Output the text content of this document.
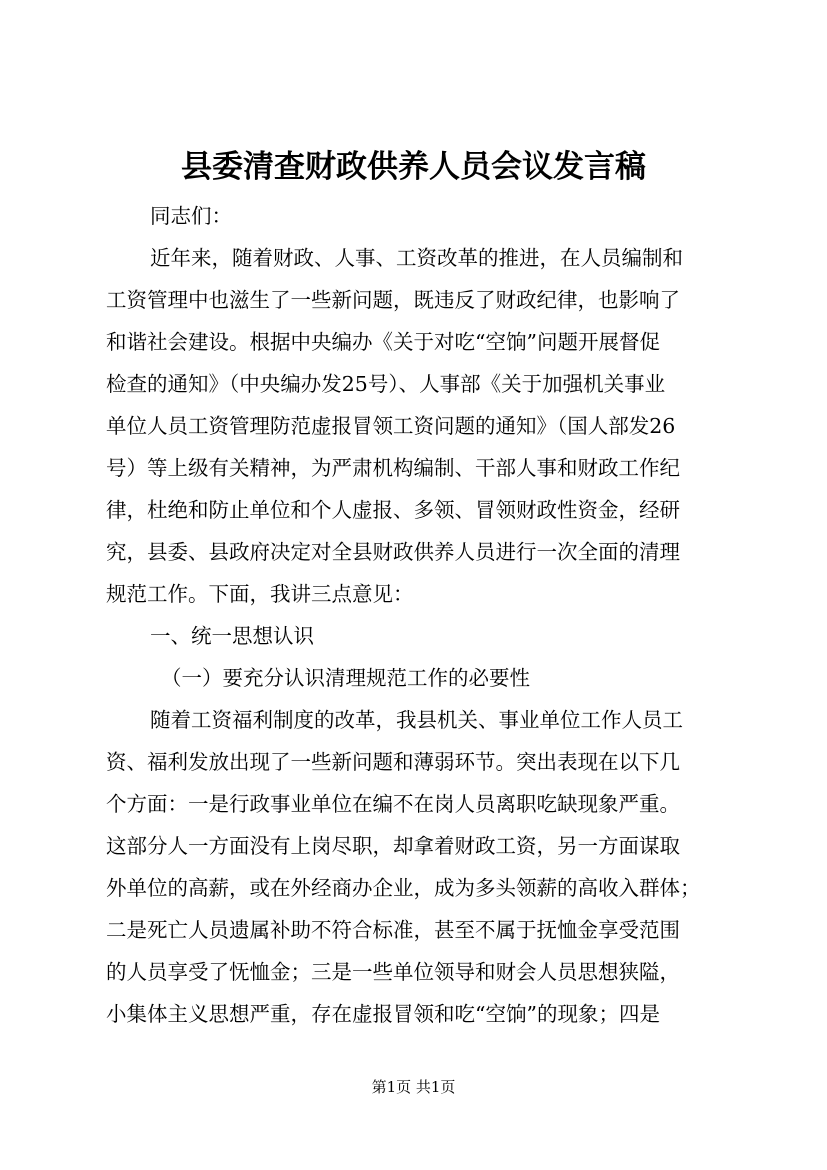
县委清查财政供养人员会议发言稿
同志们：
近年来，随着财政、人事、工资改革的推进，在人员编制和
工资管理中也滋生了一些新问题，既违反了财政纪律，也影响了
和谐社会建设。根据中央编办《关于对吃“空饷”问题开展督促
检查的通知》（中央编办发25号）、人事部《关于加强机关事业
单位人员工资管理防范虚报冒领工资问题的通知》（国人部发26
号）等上级有关精神，为严肃机构编制、干部人事和财政工作纪
律，杜绝和防止单位和个人虚报、多领、冒领财政性资金，经研
究，县委、县政府决定对全县财政供养人员进行一次全面的清理
规范工作。下面，我讲三点意见：
一、统一思想认识
（一）要充分认识清理规范工作的必要性
随着工资福利制度的改革，我县机关、事业单位工作人员工
资、福利发放出现了一些新问题和薄弱环节。突出表现在以下几
个方面：一是行政事业单位在编不在岗人员离职吃缺现象严重。
这部分人一方面没有上岗尽职，却拿着财政工资，另一方面谋取
外单位的高薪，或在外经商办企业，成为多头领薪的高收入群体；
二是死亡人员遗属补助不符合标准，甚至不属于抚恤金享受范围
的人员享受了怃恤金；三是一些单位领导和财会人员思想狭隘，
小集体主义思想严重，存在虚报冒领和吃“空饷”的现象；四是
第1页 共1页
